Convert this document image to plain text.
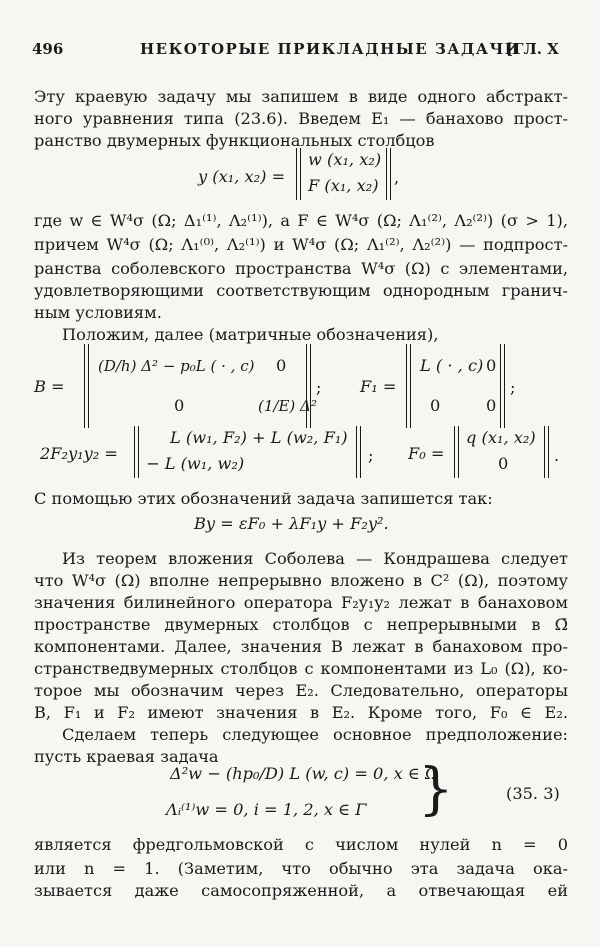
496	НЕКОТОРЫЕ ПРИКЛАДНЫЕ ЗАДАЧИ
[ГЛ. X
Эту краевую задачу мы запишем в виде одного абстракт-
ного уравнения типа (23.6). Введем E₁ — банахово прост-
ранство двумерных функциональных столбцов
y (x₁, x₂) =
w (x₁, x₂)
F (x₁, x₂) ,
где w ∈ W⁴σ (Ω; Δ₁⁽¹⁾, Λ₂⁽¹⁾), а F ∈ W⁴σ (Ω; Λ₁⁽²⁾, Λ₂⁽²⁾) (σ > 1),
причем W⁴σ (Ω; Λ₁⁽⁰⁾, Λ₂⁽¹⁾) и W⁴σ (Ω; Λ₁⁽²⁾, Λ₂⁽²⁾) — подпрост-
ранства соболевского пространства W⁴σ (Ω) с элементами,
удовлетворяющими соответствующим однородным гранич-
ным условиям.
Положим, далее (матричные обозначения),
B =
(D/h) Δ² − p₀L ( · , c) 0
0	(1/E) Δ²
; F₁ =
L ( · , c) 0
0	0
;
2F₂y₁y₂ =
L (w₁, F₂) + L (w₂, F₁)
− L (w₁, w₂)	; F₀ =
q (x₁, x₂)
0	.
С помощью этих обозначений задача запишется так:
By = εF₀ + λF₁y + F₂y².
Из теорем вложения Соболева — Кондрашева следует
что W⁴σ (Ω) вполне непрерывно вложено в C² (Ω), поэтому
значения билинейного оператора F₂y₁y₂ лежат в банаховом
пространстве двумерных столбцов с непрерывными в Ω̄
компонентами. Далее, значения B лежат в банаховом про-
странстведвумерных столбцов с компонентами из L₀ (Ω), ко-
торое мы обозначим через E₂. Следовательно, операторы
B, F₁ и F₂ имеют значения в E₂. Кроме того, F₀ ∈ E₂.
Сделаем теперь следующее основное предположение:
пусть краевая задача
Δ²w − (hp₀/D) L (w, c) = 0, x ∈ Ω
Λᵢ⁽¹⁾w = 0, i = 1, 2, x ∈ Γ }	(35. 3)
является фредгольмовской с числом нулей n = 0
или n = 1. (Заметим, что обычно эта задача ока-
зывается даже самосопряженной, а отвечающая ей
